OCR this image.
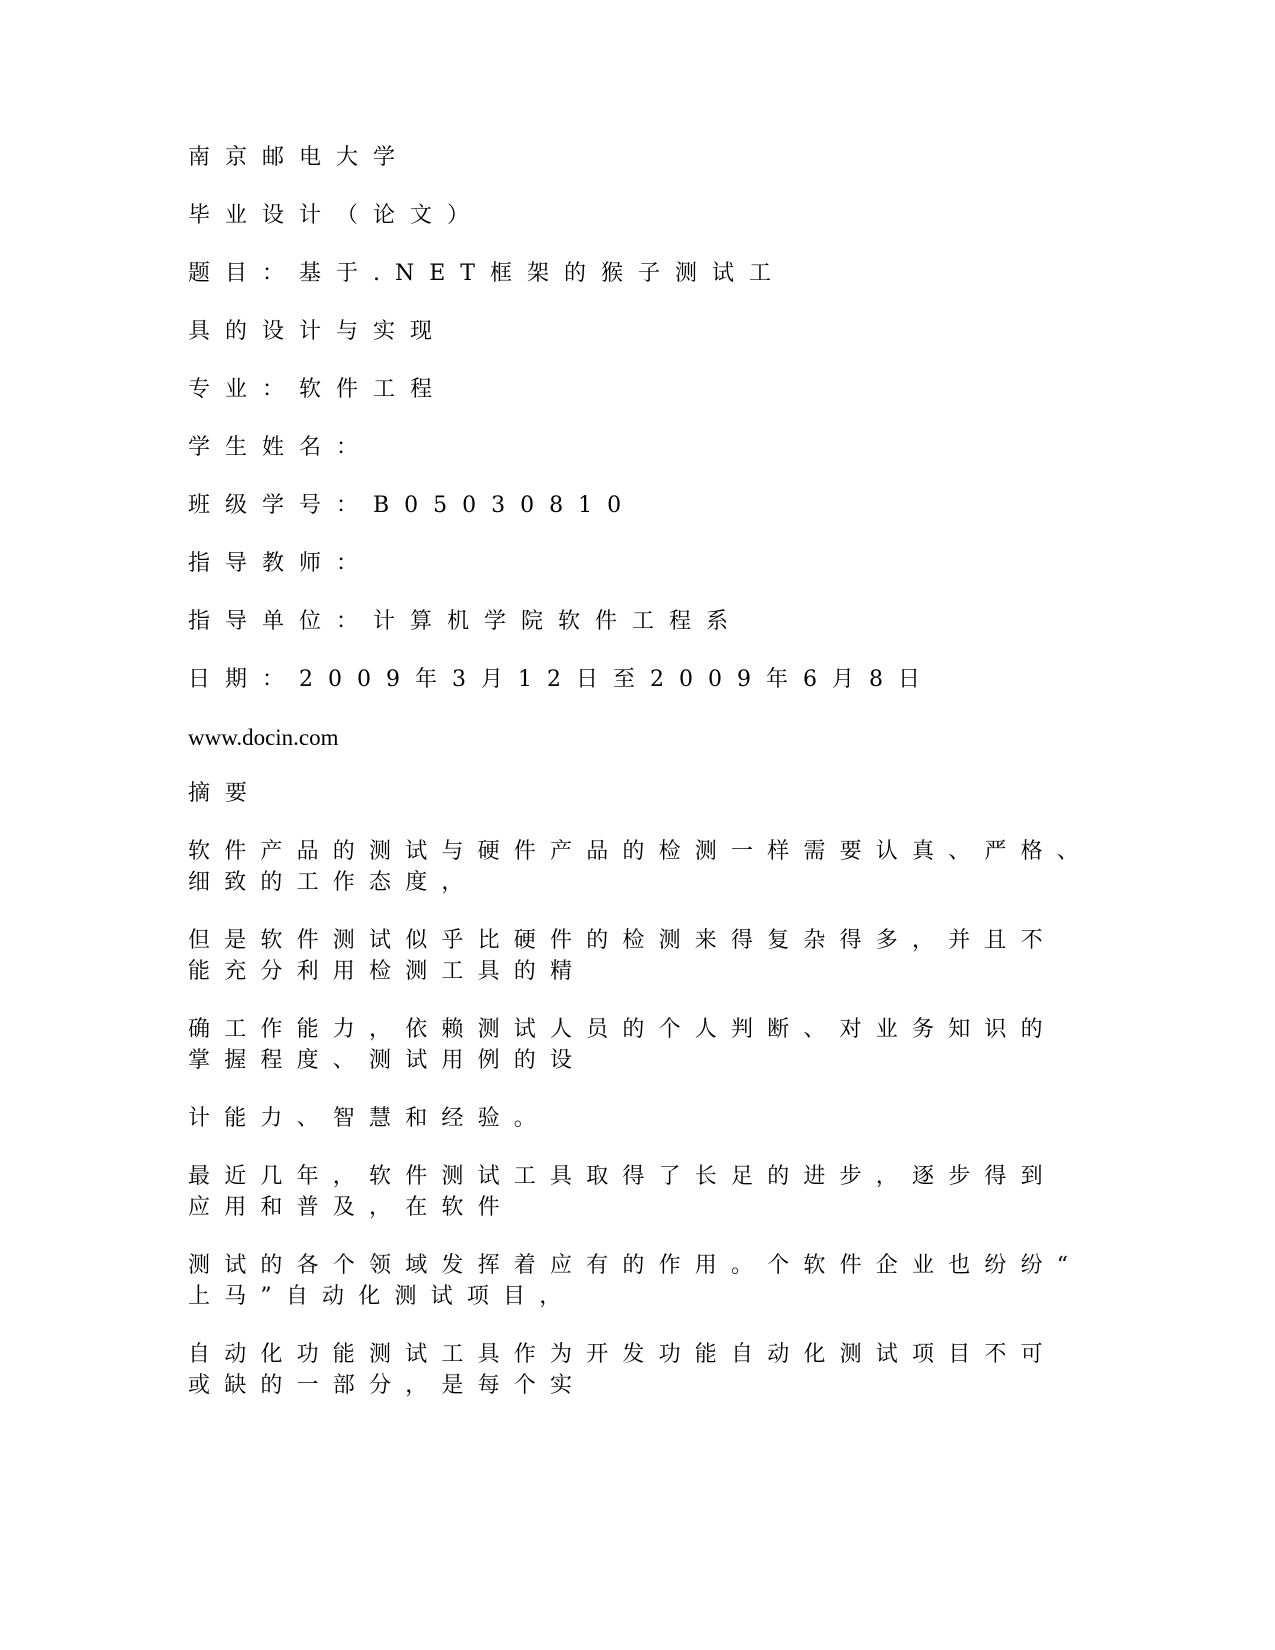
南京邮电大学
毕业设计（论文）
题目：基于.NET框架的猴子测试工
具的设计与实现
专业：软件工程
学生姓名：
班级学号：B05030810
指导教师：
指导单位：计算机学院软件工程系
日期：2009年3月12日至2009年6月8日
www.docin.com
摘要
软件产品的测试与硬件产品的检测一样需要认真、严格、
细致的工作态度，
但是软件测试似乎比硬件的检测来得复杂得多，并且不
能充分利用检测工具的精
确工作能力，依赖测试人员的个人判断、对业务知识的
掌握程度、测试用例的设
计能力、智慧和经验。
最近几年，软件测试工具取得了长足的进步，逐步得到
应用和普及，在软件
测试的各个领域发挥着应有的作用。个软件企业也纷纷“
上马”自动化测试项目，
自动化功能测试工具作为开发功能自动化测试项目不可
或缺的一部分，是每个实
